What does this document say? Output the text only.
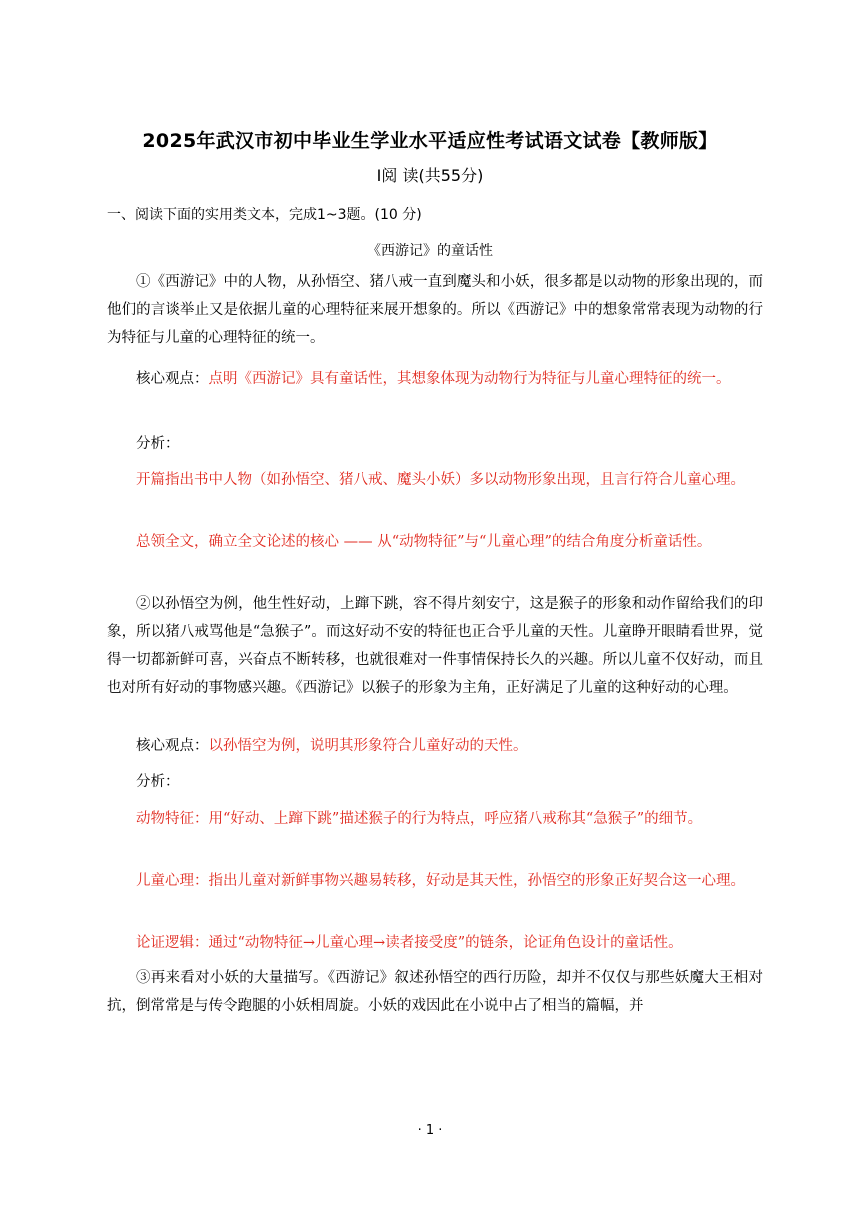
2025年武汉市初中毕业生学业水平适应性考试语文试卷【教师版】
Ⅰ阅 读(共55分)
一、阅读下面的实用类文本，完成1~3题。(10 分)
《西游记》的童话性

①《西游记》中的人物，从孙悟空、猪八戒一直到魔头和小妖，很多都是以动物的形象出现的，而他们的言谈举止又是依据儿童的心理特征来展开想象的。所以《西游记》中的想象常常表现为动物的行为特征与儿童的心理特征的统一。

核心观点：点明《西游记》具有童话性，其想象体现为动物行为特征与儿童心理特征的统一。

分析：

开篇指出书中人物（如孙悟空、猪八戒、魔头小妖）多以动物形象出现，且言行符合儿童心理。

总领全文，确立全文论述的核心 —— 从“动物特征”与“儿童心理”的结合角度分析童话性。

②以孙悟空为例，他生性好动，上蹿下跳，容不得片刻安宁，这是猴子的形象和动作留给我们的印象，所以猪八戒骂他是“急猴子”。而这好动不安的特征也正合乎儿童的天性。儿童睁开眼睛看世界，觉得一切都新鲜可喜，兴奋点不断转移，也就很难对一件事情保持长久的兴趣。所以儿童不仅好动，而且也对所有好动的事物感兴趣。《西游记》以猴子的形象为主角，正好满足了儿童的这种好动的心理。

核心观点：以孙悟空为例，说明其形象符合儿童好动的天性。

分析：

动物特征：用“好动、上蹿下跳”描述猴子的行为特点，呼应猪八戒称其“急猴子”的细节。

儿童心理：指出儿童对新鲜事物兴趣易转移，好动是其天性，孙悟空的形象正好契合这一心理。

论证逻辑：通过“动物特征→儿童心理→读者接受度”的链条，论证角色设计的童话性。

③再来看对小妖的大量描写。《西游记》叙述孙悟空的西行历险，却并不仅仅与那些妖魔大王相对抗，倒常常是与传令跑腿的小妖相周旋。小妖的戏因此在小说中占了相当的篇幅，并

· 1 ·
